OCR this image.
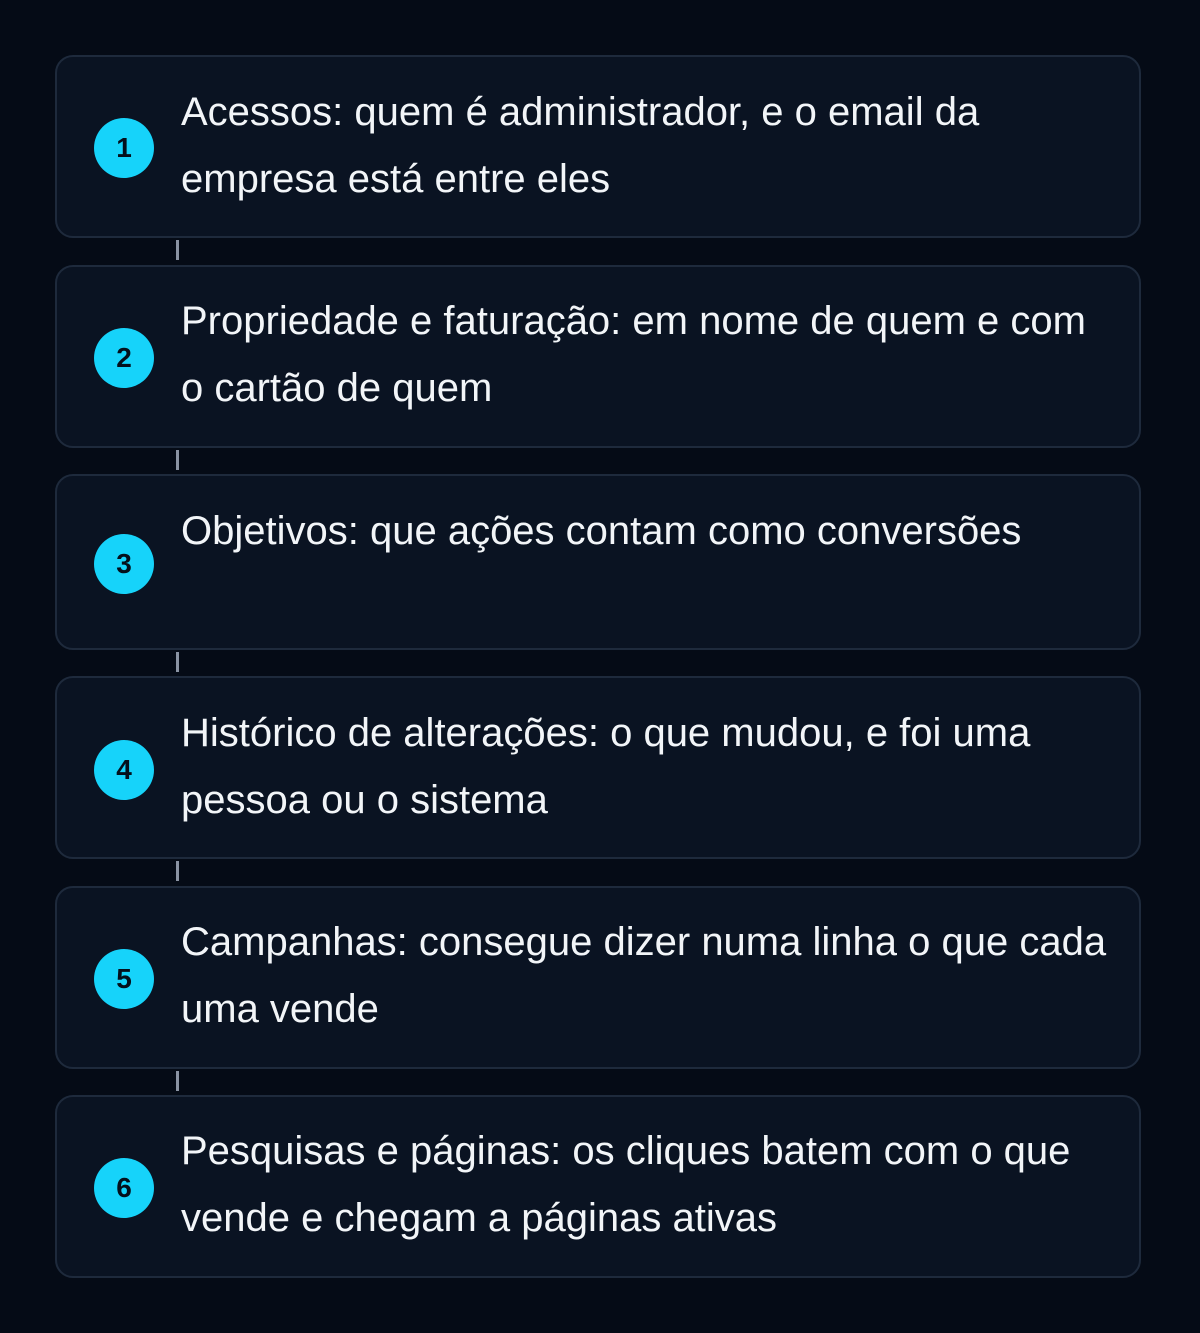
1
Acessos: quem é administrador, e o email da empresa está entre eles
2
Propriedade e faturação: em nome de quem e com o cartão de quem
3
Objetivos: que ações contam como conversões
4
Histórico de alterações: o que mudou, e foi uma pessoa ou o sistema
5
Campanhas: consegue dizer numa linha o que cada uma vende
6
Pesquisas e páginas: os cliques batem com o que vende e chegam a páginas ativas
